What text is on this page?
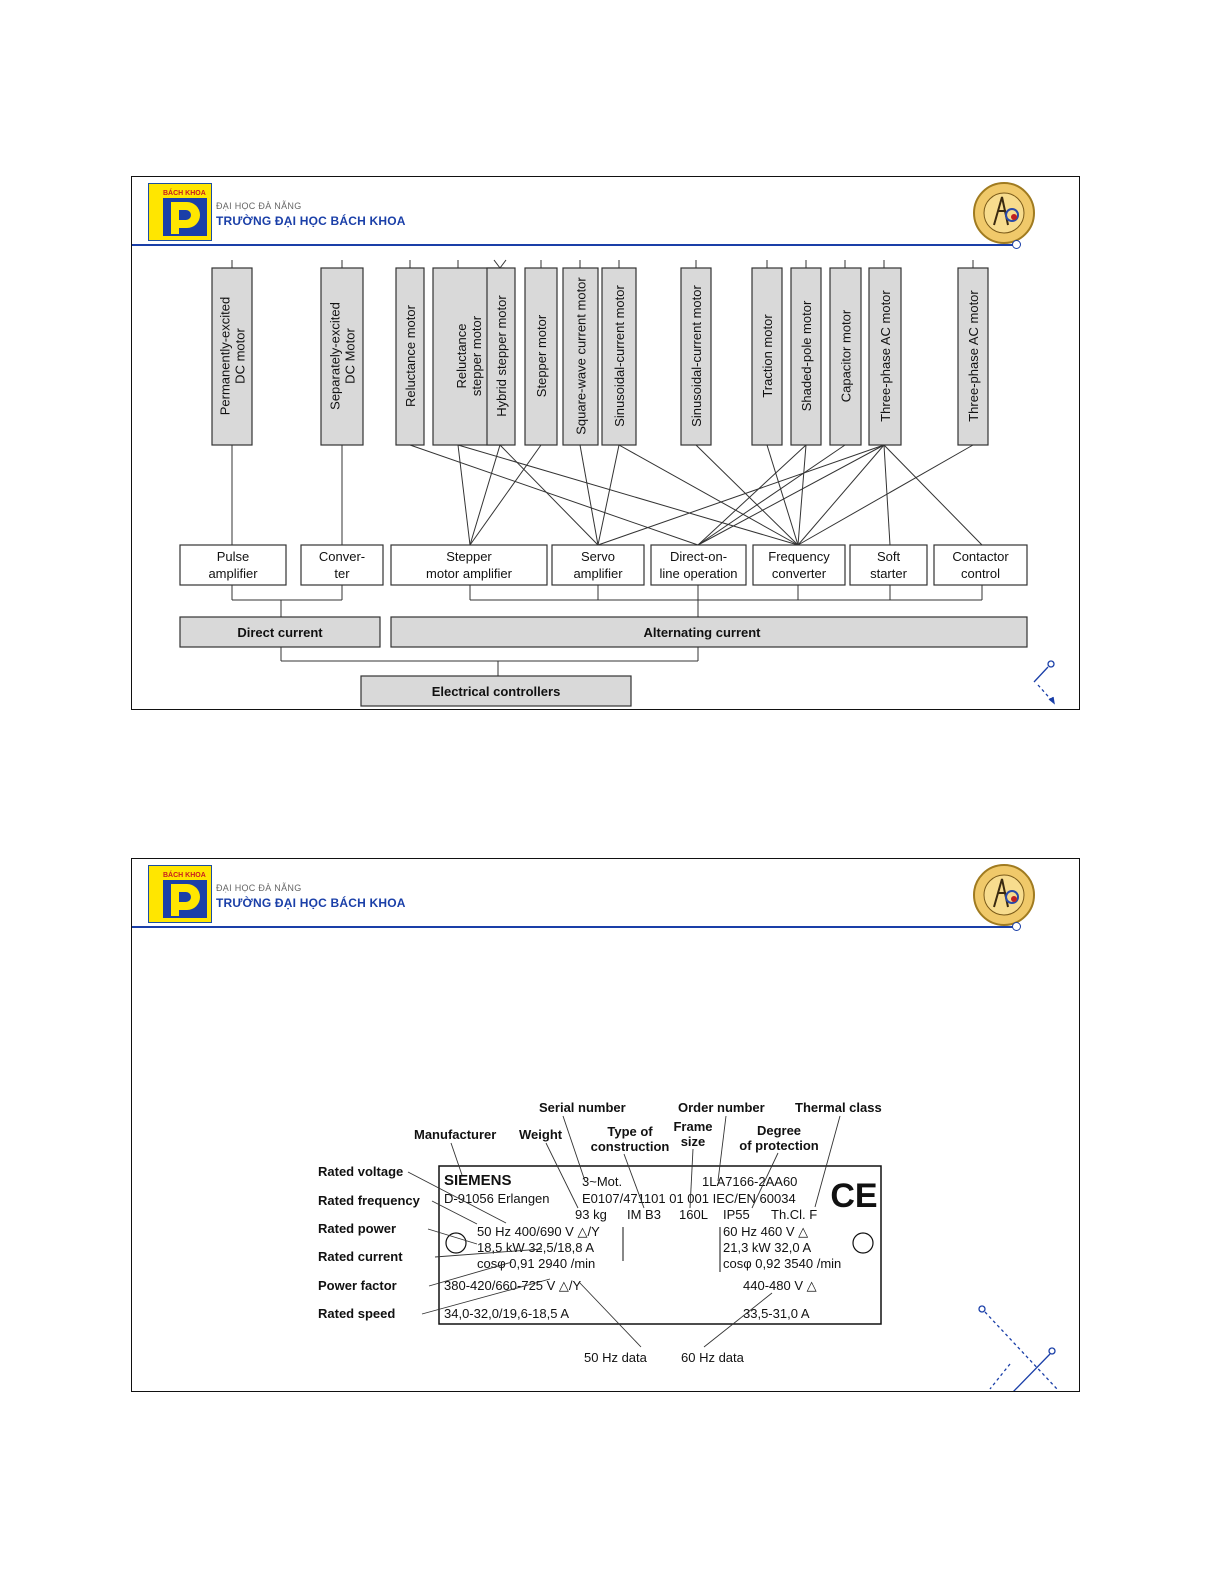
BÁCH KHOA
ĐẠI HỌC ĐÀ NẴNG
TRƯỜNG ĐẠI HỌC BÁCH KHOA
Permanently-excited DC motor	Separately-excited DC Motor	Reluctance motor	Reluctance stepper motor Hybrid stepper motor Stepper motor Square-wave current motor Sinusoidal-current motor	Sinusoidal-current motor	Traction motor Shaded-pole motor Capacitor motor Three-phase AC motor	Three-phase AC motor
Pulse
amplifier
Conver-
ter
Stepper
motor amplifier
Servo
amplifier
Direct-on-
line operation
Frequency
converter
Soft
starter
Contactor
control
Direct current	Alternating current
Electrical controllers
BÁCH KHOA
ĐẠI HỌC ĐÀ NẴNG
TRƯỜNG ĐẠI HỌC BÁCH KHOA
Serial number	Order number Thermal class
Manufacturer Weight	Type of
construction
Frame
size
Degree
of protection
Rated voltage
Rated frequency
Rated power
Rated current
Power factor
Rated speed
50 Hz data	60 Hz data
SIEMENS	3~Mot.	1LA7166-2AA60
D-91056 Erlangen E0107/471101 01 001 IEC/EN 60034
93 kg IM B3 160L IP55 Th.Cl. F
50 Hz 400/690 V △/Y
18,5 kW 32,5/18,8 A
cosφ 0,91 2940 /min
380-420/660-725 V △/Y
34,0-32,0/19,6-18,5 A
60 Hz 460 V △
21,3 kW 32,0 A
cosφ 0,92 3540 /min
440-480 V △
33,5-31,0 A
CE
